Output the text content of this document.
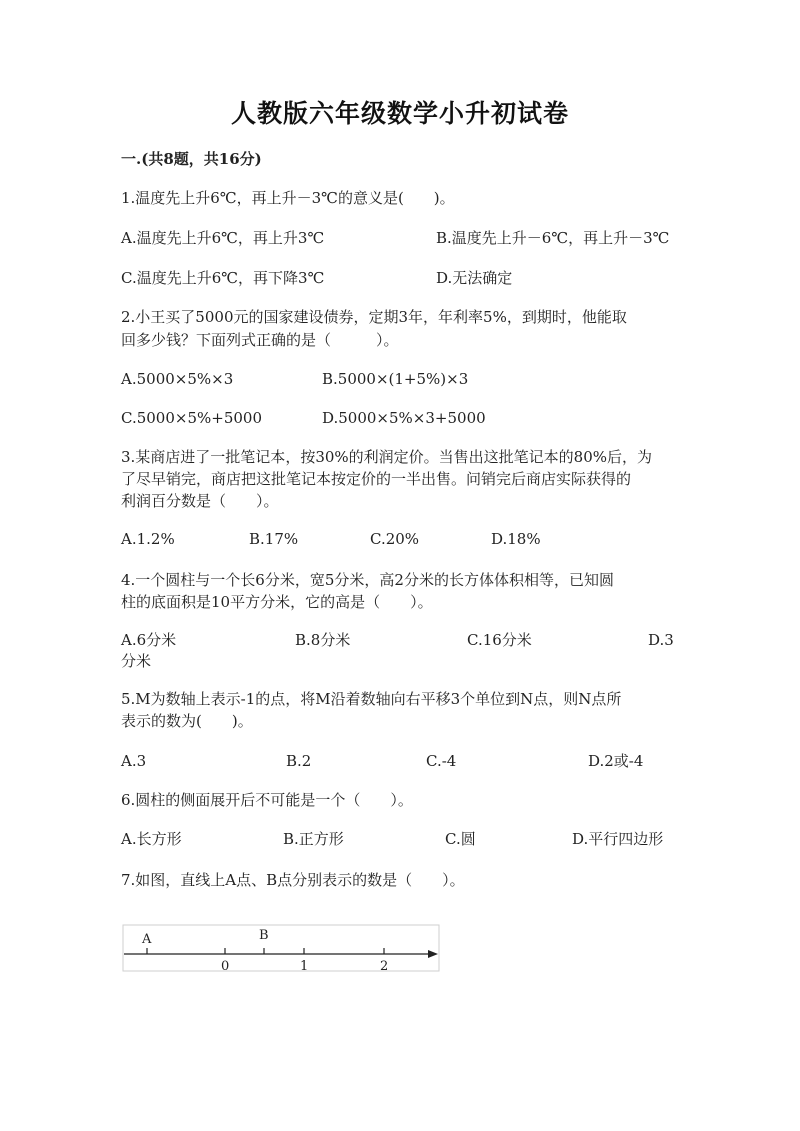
人教版六年级数学小升初试卷
一.(共8题，共16分)
1.温度先上升6℃，再上升－3℃的意义是(　　)。
A.温度先上升6℃，再上升3℃	B.温度先上升－6℃，再上升－3℃
C.温度先上升6℃，再下降3℃	D.无法确定
2.小王买了5000元的国家建设债券，定期3年，年利率5%，到期时，他能取
回多少钱？下面列式正确的是（　　　）。
A.5000×5%×3	B.5000×(1+5%)×3
C.5000×5%+5000	D.5000×5%×3+5000
3.某商店进了一批笔记本，按30%的利润定价。当售出这批笔记本的80%后，为
了尽早销完，商店把这批笔记本按定价的一半出售。问销完后商店实际获得的
利润百分数是（　　）。
A.1.2%	B.17%	C.20%	D.18%
4.一个圆柱与一个长6分米，宽5分米，高2分米的长方体体积相等，已知圆
柱的底面积是10平方分米，它的高是（　　）。
A.6分米	B.8分米	C.16分米	D.3
分米
5.M为数轴上表示-1的点，将M沿着数轴向右平移3个单位到N点，则N点所
表示的数为(　　)。
A.3	B.2	C.-4	D.2或-4
6.圆柱的侧面展开后不可能是一个（　　）。
A.长方形	B.正方形	C.圆	D.平行四边形
7.如图，直线上A点、B点分别表示的数是（　　）。
A	B
0	1	2
